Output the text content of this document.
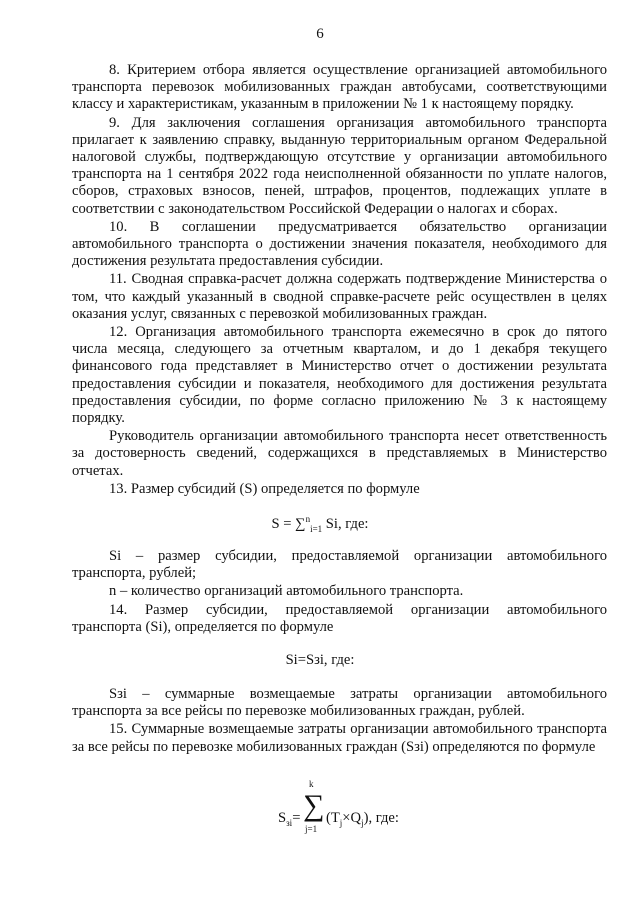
6

8. Критерием отбора является осуществление организацией автомобильного транспорта перевозок мобилизованных граждан автобусами, соответствующими классу и характеристикам, указанным в приложении № 1 к настоящему порядку.

9. Для заключения соглашения организация автомобильного транспорта прилагает к заявлению справку, выданную территориальным органом Федеральной налоговой службы, подтверждающую отсутствие у организации автомобильного транспорта на 1 сентября 2022 года неисполненной обязанности по уплате налогов, сборов, страховых взносов, пеней, штрафов, процентов, подлежащих уплате в соответствии с законодательством Российской Федерации о налогах и сборах.

10. В соглашении предусматривается обязательство организации автомобильного транспорта о достижении значения показателя, необходимого для достижения результата предоставления субсидии.

11. Сводная справка-расчет должна содержать подтверждение Министерства о том, что каждый указанный в сводной справке-расчете рейс осуществлен в целях оказания услуг, связанных с перевозкой мобилизованных граждан.

12. Организация автомобильного транспорта ежемесячно в срок до пятого числа месяца, следующего за отчетным кварталом, и до 1 декабря текущего финансового года представляет в Министерство отчет о достижении результата предоставления субсидии и показателя, необходимого для достижения результата предоставления субсидии, по форме согласно приложению № 3 к настоящему порядку.

Руководитель организации автомобильного транспорта несет ответственность за достоверность сведений, содержащихся в представляемых в Министерство отчетах.

13. Размер субсидий (S) определяется по формуле

S = ∑$^n_{i=1}$ Si, где:

Si – размер субсидии, предоставляемой организации автомобильного транспорта, рублей;

n – количество организаций автомобильного транспорта.

14. Размер субсидии, предоставляемой организации автомобильного транспорта (Si), определяется по формуле

Si=Sзi, где:

Sзi – суммарные возмещаемые затраты организации автомобильного транспорта за все рейсы по перевозке мобилизованных граждан, рублей.

15. Суммарные возмещаемые затраты организации автомобильного транспорта за все рейсы по перевозке мобилизованных граждан (Sзi) определяются по формуле

$S_{зi}=$
k
∑
j=1
$(T_j\times Q_j)$, где:
